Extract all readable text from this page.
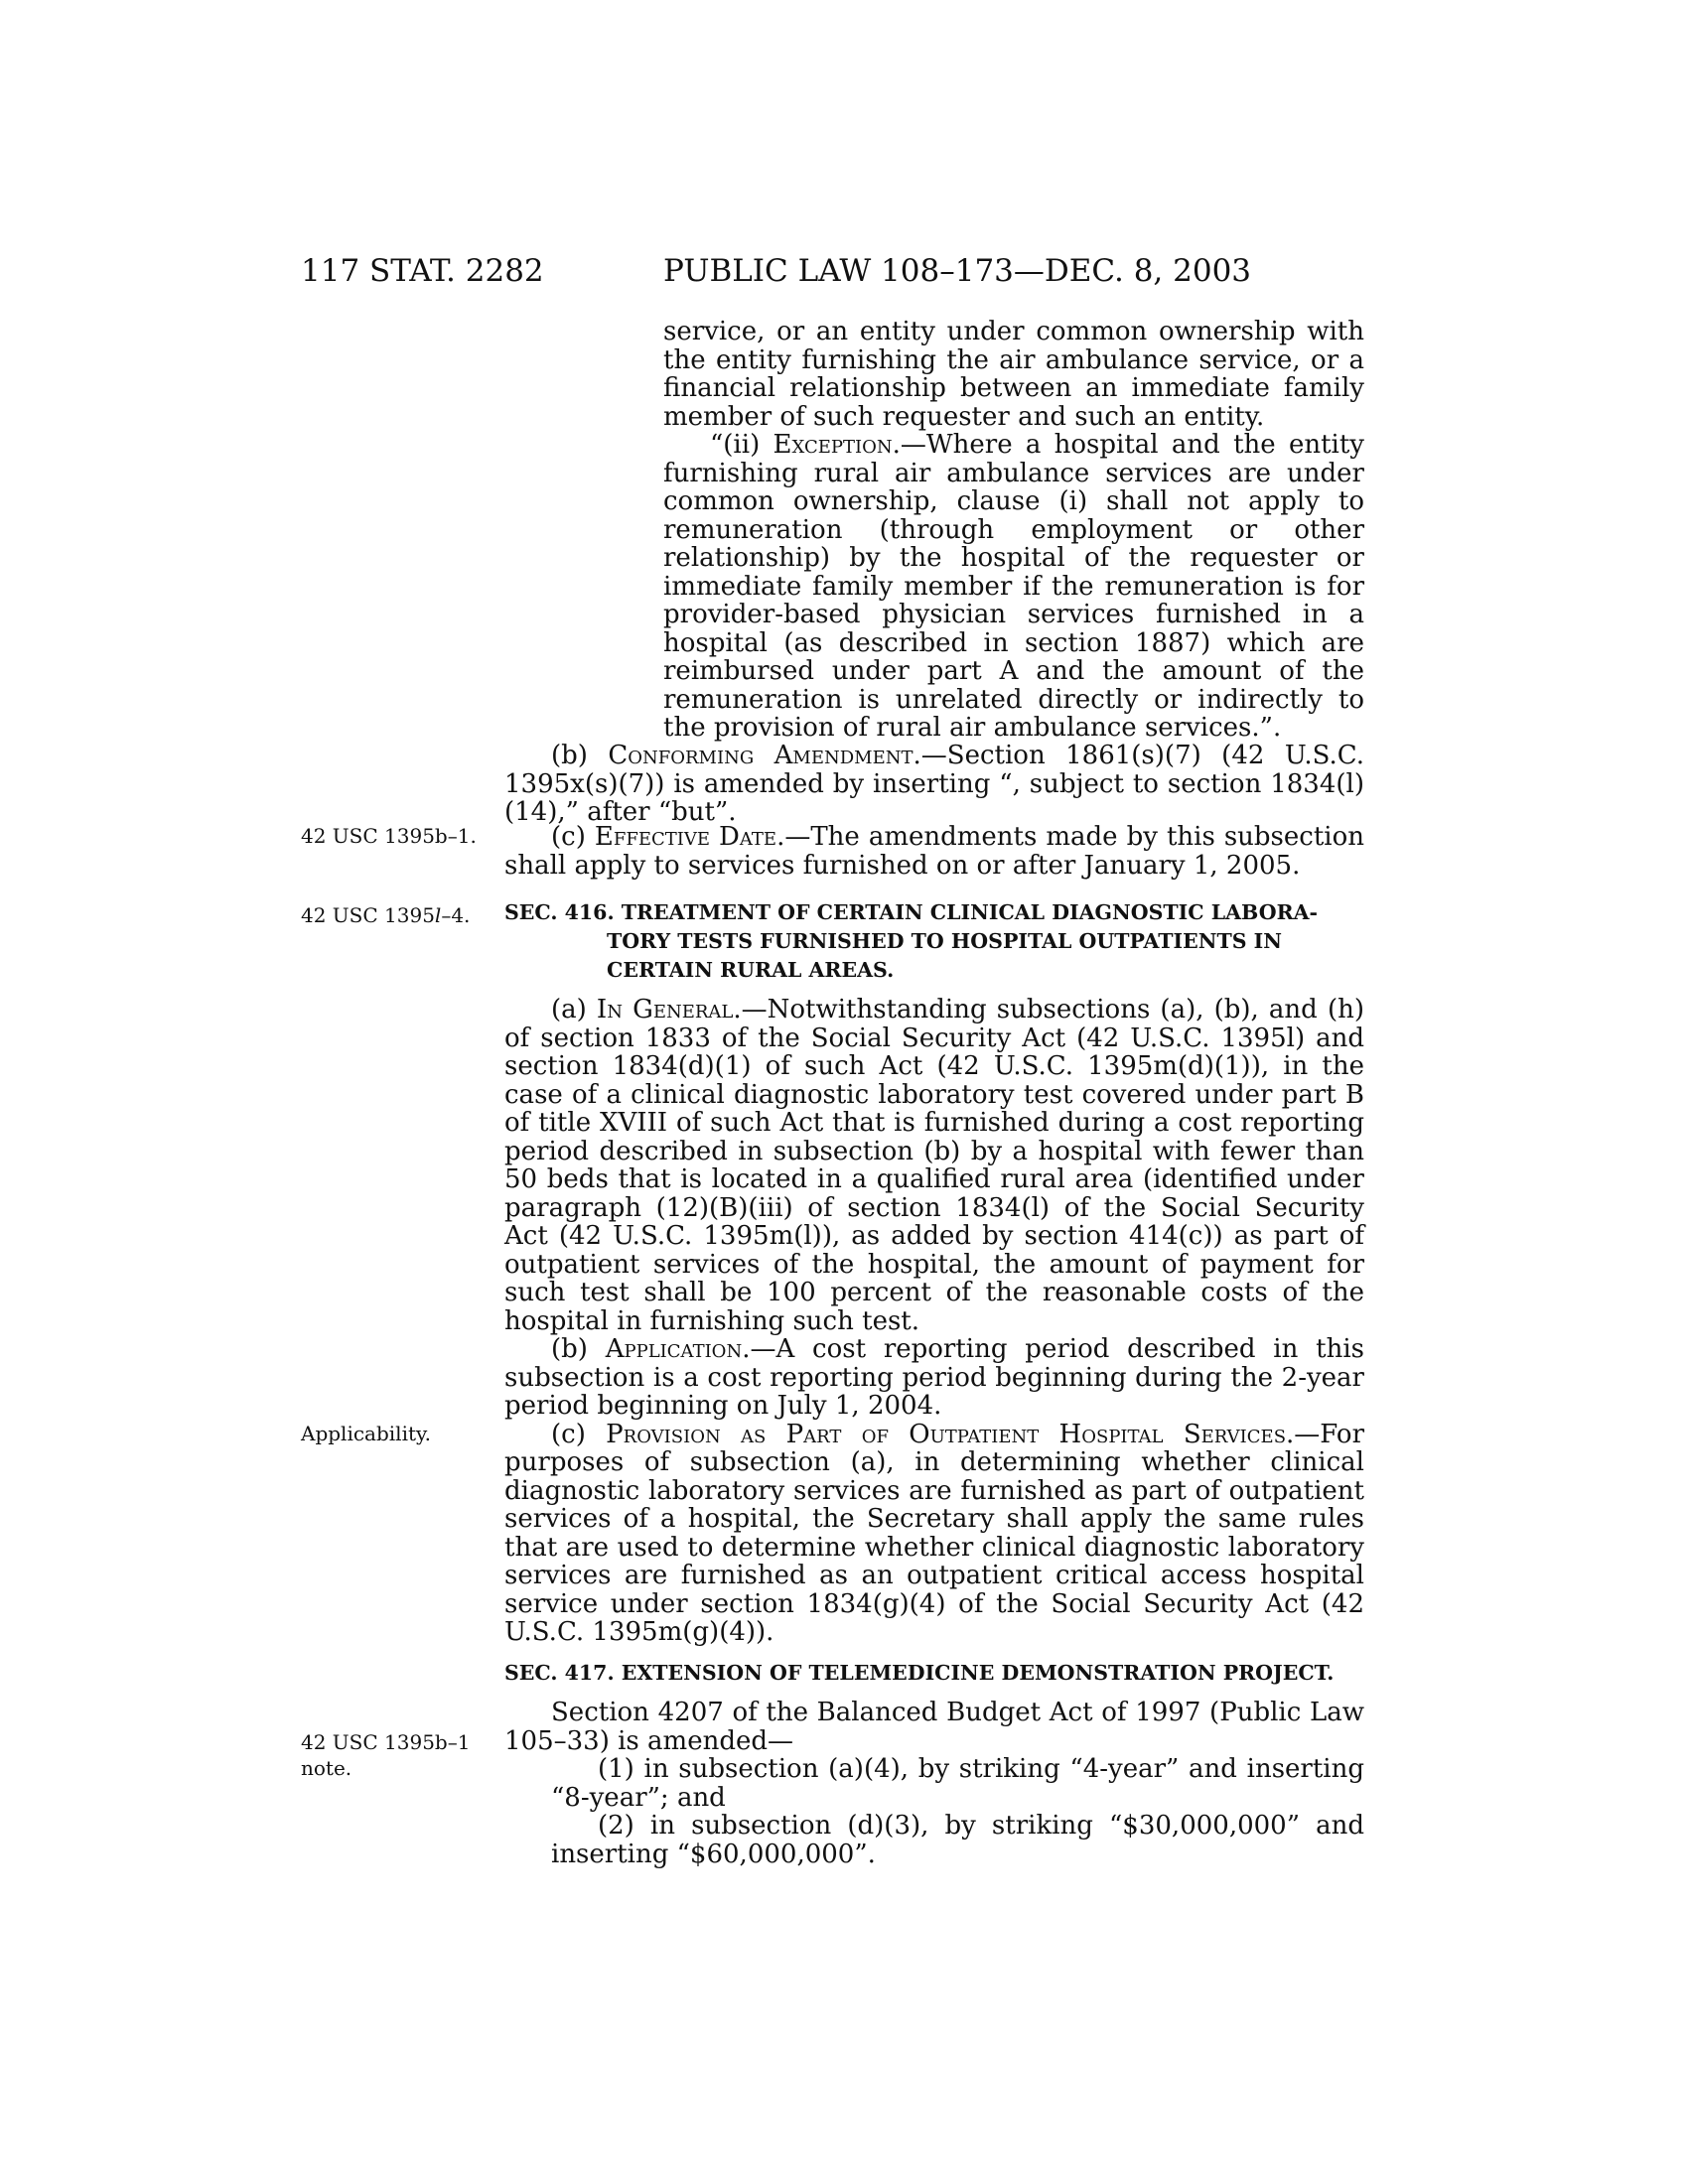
117 STAT. 2282	PUBLIC LAW 108–173—DEC. 8, 2003
42 USC 1395b–1.
42 USC 1395l–4.
Applicability.
42 USC 1395b–1
note.

service, or an entity under common ownership with the entity furnishing the air ambulance service, or a financial relationship between an immediate family member of such requester and such an entity.

“(ii) Exception.—Where a hospital and the entity furnishing rural air ambulance services are under common ownership, clause (i) shall not apply to remuneration (through employment or other relationship) by the hospital of the requester or immediate family member if the remuneration is for provider-based physician services furnished in a hospital (as described in section 1887) which are reimbursed under part A and the amount of the remuneration is unrelated directly or indirectly to the provision of rural air ambulance services.”.

(b) Conforming Amendment.—Section 1861(s)(7) (42 U.S.C. 1395x(s)(7)) is amended by inserting “, subject to section 1834(l)(14),” after “but”.

(c) Effective Date.—The amendments made by this subsection shall apply to services furnished on or after January 1, 2005.

SEC. 416. TREATMENT OF CERTAIN CLINICAL DIAGNOSTIC LABORA-
TORY TESTS FURNISHED TO HOSPITAL OUTPATIENTS IN
CERTAIN RURAL AREAS.

(a) In General.—Notwithstanding subsections (a), (b), and (h) of section 1833 of the Social Security Act (42 U.S.C. 1395l) and section 1834(d)(1) of such Act (42 U.S.C. 1395m(d)(1)), in the case of a clinical diagnostic laboratory test covered under part B of title XVIII of such Act that is furnished during a cost reporting period described in subsection (b) by a hospital with fewer than 50 beds that is located in a qualified rural area (identified under paragraph (12)(B)(iii) of section 1834(l) of the Social Security Act (42 U.S.C. 1395m(l)), as added by section 414(c)) as part of outpatient services of the hospital, the amount of payment for such test shall be 100 percent of the reasonable costs of the hospital in furnishing such test.

(b) Application.—A cost reporting period described in this subsection is a cost reporting period beginning during the 2-year period beginning on July 1, 2004.

(c) Provision as Part of Outpatient Hospital Services.—For purposes of subsection (a), in determining whether clinical diagnostic laboratory services are furnished as part of outpatient services of a hospital, the Secretary shall apply the same rules that are used to determine whether clinical diagnostic laboratory services are furnished as an outpatient critical access hospital service under section 1834(g)(4) of the Social Security Act (42 U.S.C. 1395m(g)(4)).

SEC. 417. EXTENSION OF TELEMEDICINE DEMONSTRATION PROJECT.

Section 4207 of the Balanced Budget Act of 1997 (Public Law 105–33) is amended—

(1) in subsection (a)(4), by striking “4-year” and inserting “8-year”; and

(2) in subsection (d)(3), by striking “$30,000,000” and inserting “$60,000,000”.
